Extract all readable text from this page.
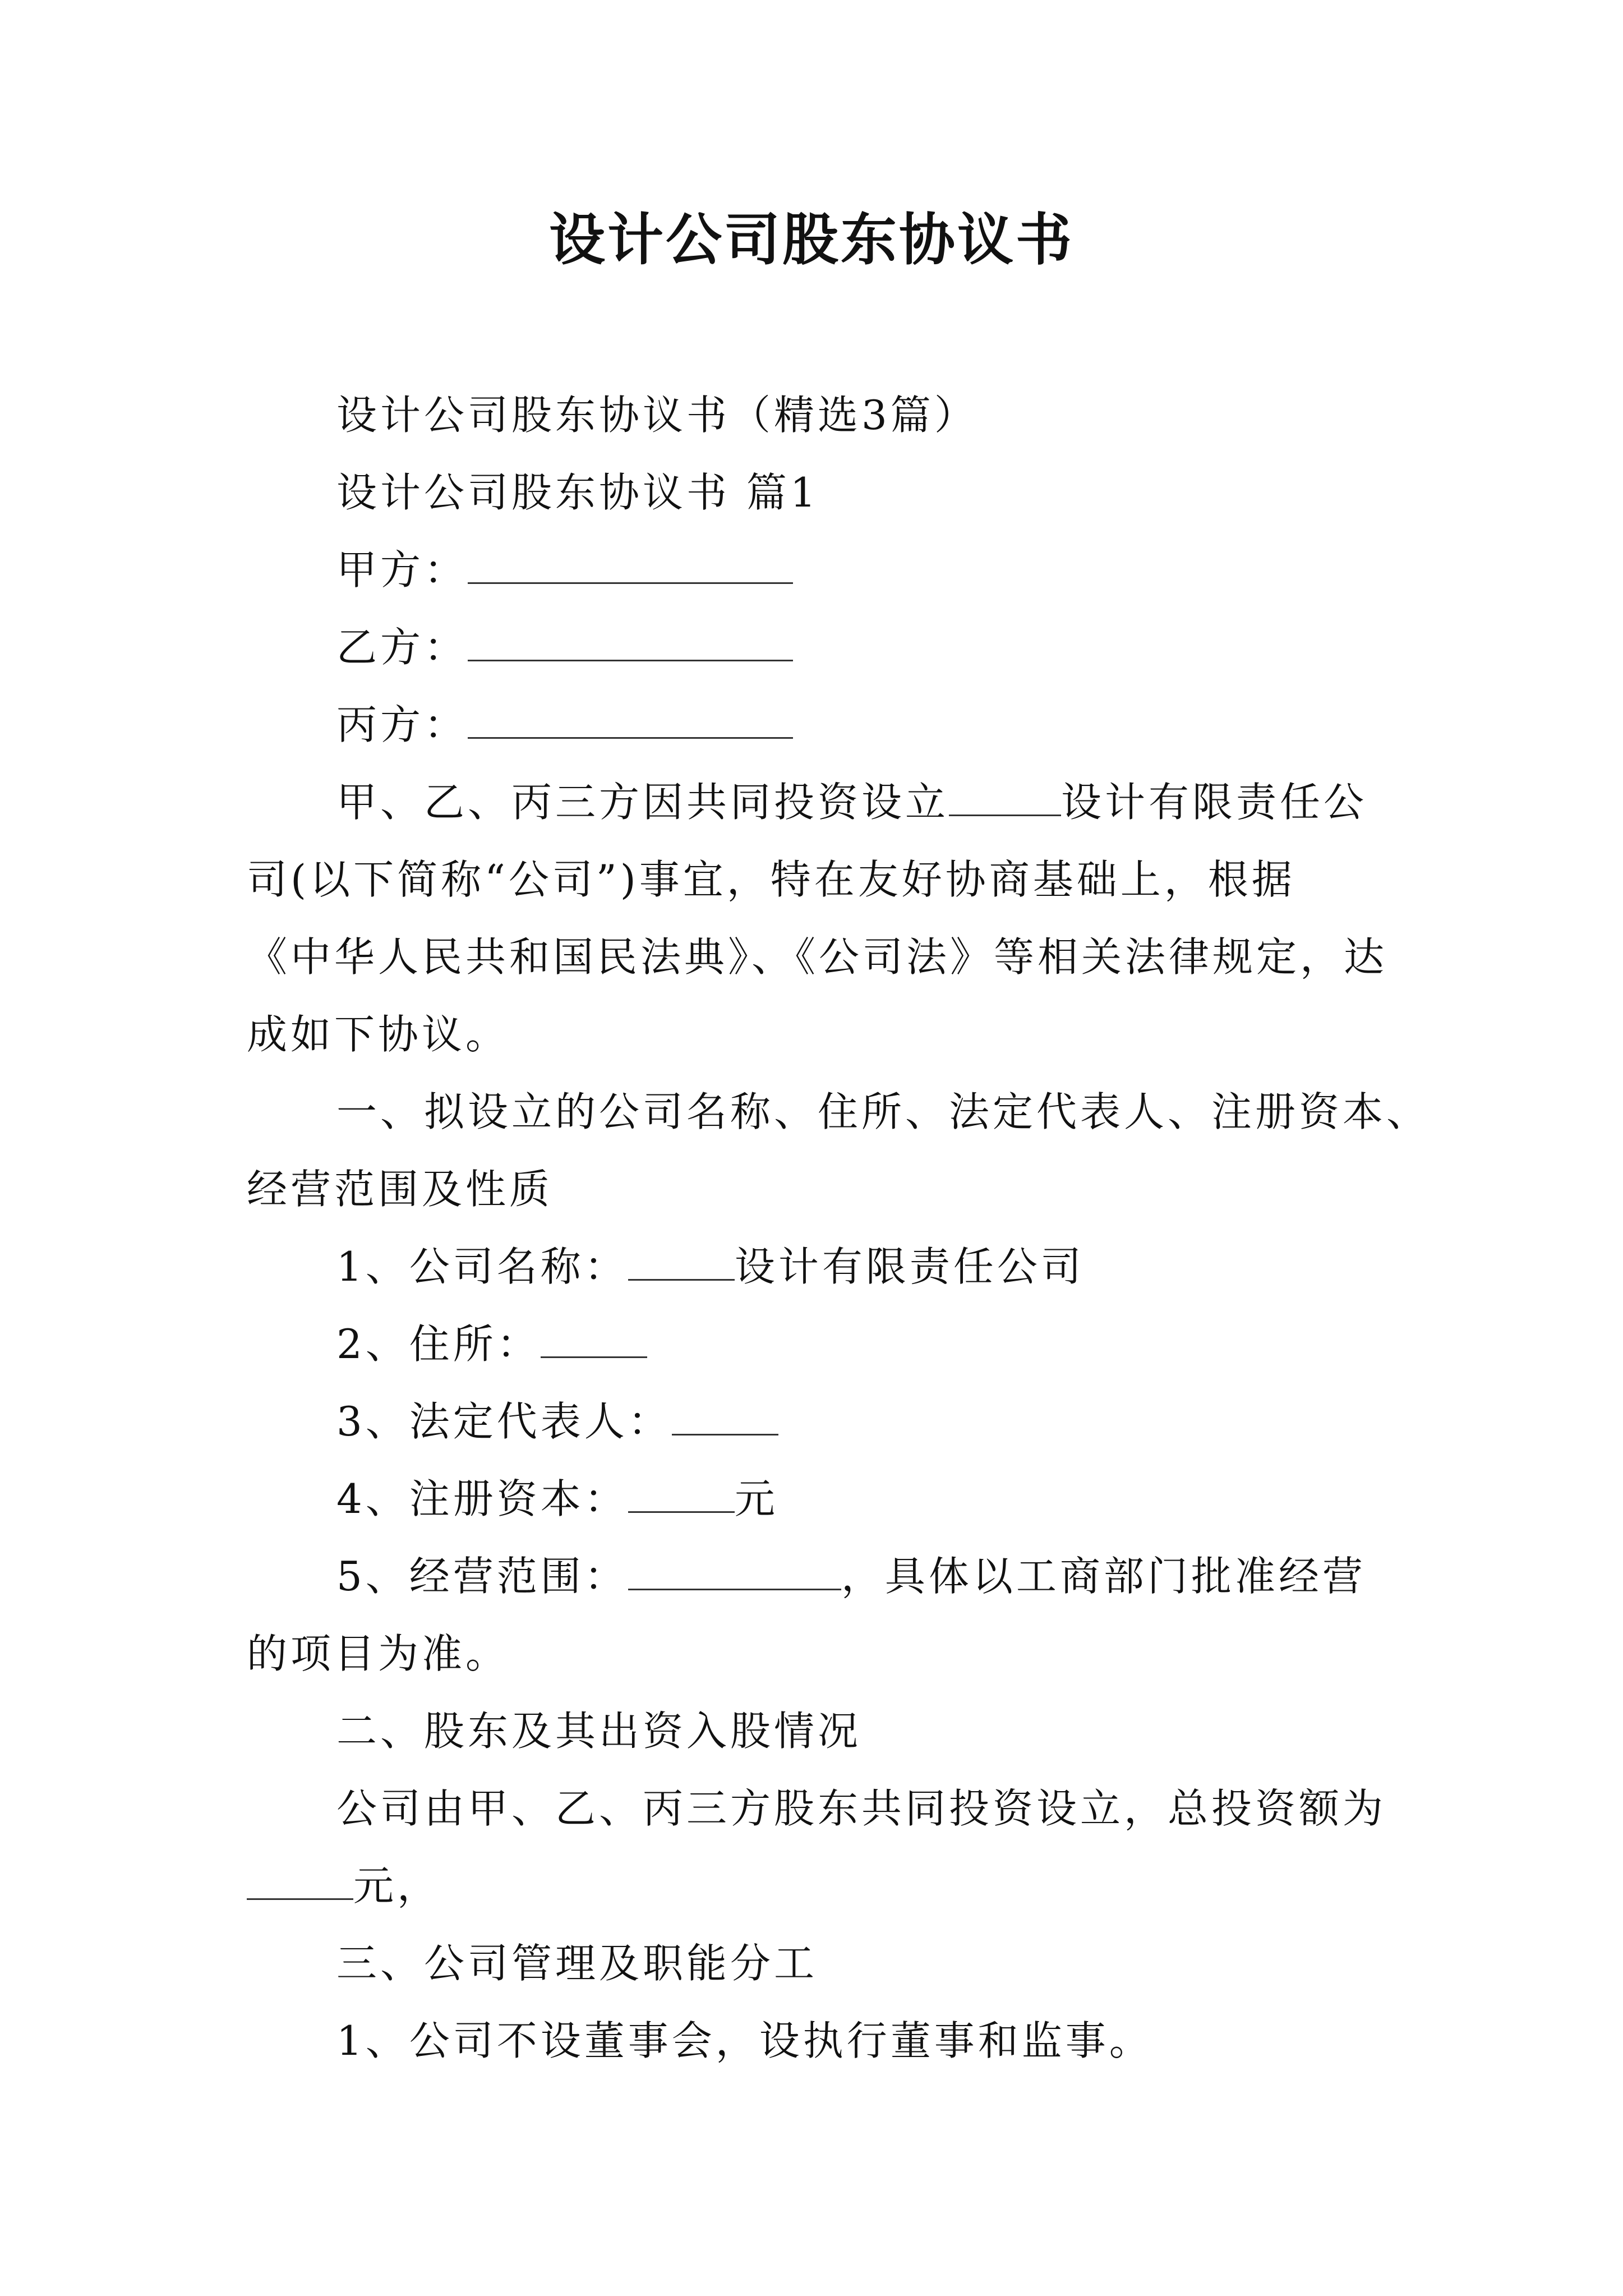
设计公司股东协议书
设计公司股东协议书（精选3篇）
设计公司股东协议书 篇1
甲方：
乙方：
丙方：
甲、乙、丙三方因共同投资设立	设计有限责任公
司(以下简称“公司”)事宜，特在友好协商基础上，根据
《中华人民共和国民法典》、《公司法》等相关法律规定，达
成如下协议。
一、拟设立的公司名称、住所、法定代表人、注册资本、
经营范围及性质
1、公司名称：	设计有限责任公司
2、住所：
3、法定代表人：
4、注册资本：	元
5、经营范围：	，具体以工商部门批准经营
的项目为准。
二、股东及其出资入股情况
公司由甲、乙、丙三方股东共同投资设立，总投资额为
元，
三、公司管理及职能分工
1、公司不设董事会，设执行董事和监事。
